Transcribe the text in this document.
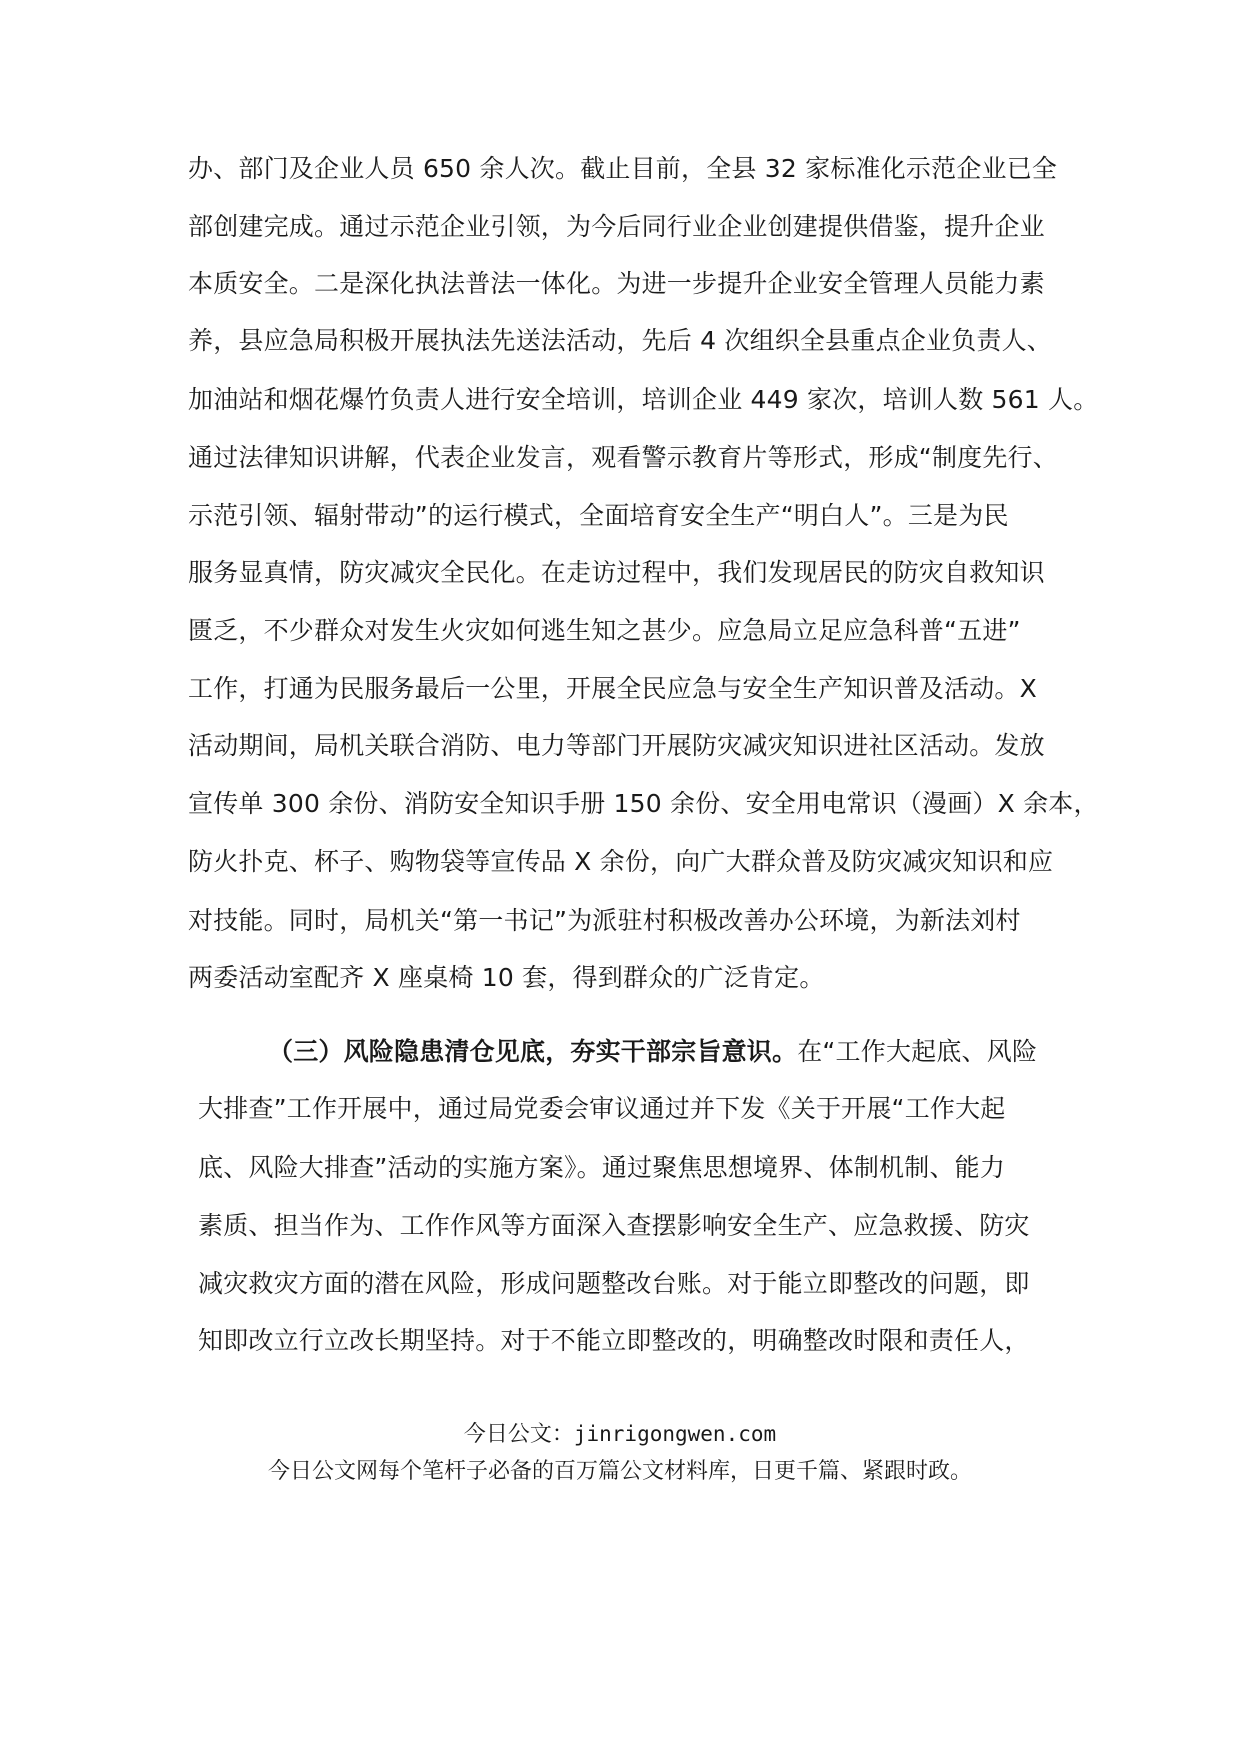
办、部门及企业人员 650 余人次。截止目前，全县 32 家标准化示范企业已全
部创建完成。通过示范企业引领，为今后同行业企业创建提供借鉴，提升企业
本质安全。二是深化执法普法一体化。为进一步提升企业安全管理人员能力素
养，县应急局积极开展执法先送法活动，先后 4 次组织全县重点企业负责人、
加油站和烟花爆竹负责人进行安全培训，培训企业 449 家次，培训人数 561 人。
通过法律知识讲解，代表企业发言，观看警示教育片等形式，形成“制度先行、
示范引领、辐射带动”的运行模式，全面培育安全生产“明白人”。三是为民
服务显真情，防灾减灾全民化。在走访过程中，我们发现居民的防灾自救知识
匮乏，不少群众对发生火灾如何逃生知之甚少。应急局立足应急科普“五进”
工作，打通为民服务最后一公里，开展全民应急与安全生产知识普及活动。X
活动期间，局机关联合消防、电力等部门开展防灾减灾知识进社区活动。发放
宣传单 300 余份、消防安全知识手册 150 余份、安全用电常识（漫画）X 余本，
防火扑克、杯子、购物袋等宣传品 X 余份，向广大群众普及防灾减灾知识和应
对技能。同时，局机关“第一书记”为派驻村积极改善办公环境，为新法刘村
两委活动室配齐 X 座桌椅 10 套，得到群众的广泛肯定。
（三）风险隐患清仓见底，夯实干部宗旨意识。在“工作大起底、风险
大排查”工作开展中，通过局党委会审议通过并下发《关于开展“工作大起
底、风险大排查”活动的实施方案》。通过聚焦思想境界、体制机制、能力
素质、担当作为、工作作风等方面深入查摆影响安全生产、应急救援、防灾
减灾救灾方面的潜在风险，形成问题整改台账。对于能立即整改的问题，即
知即改立行立改长期坚持。对于不能立即整改的，明确整改时限和责任人，
今日公文：jinrigongwen.com
今日公文网每个笔杆子必备的百万篇公文材料库，日更千篇、紧跟时政。
